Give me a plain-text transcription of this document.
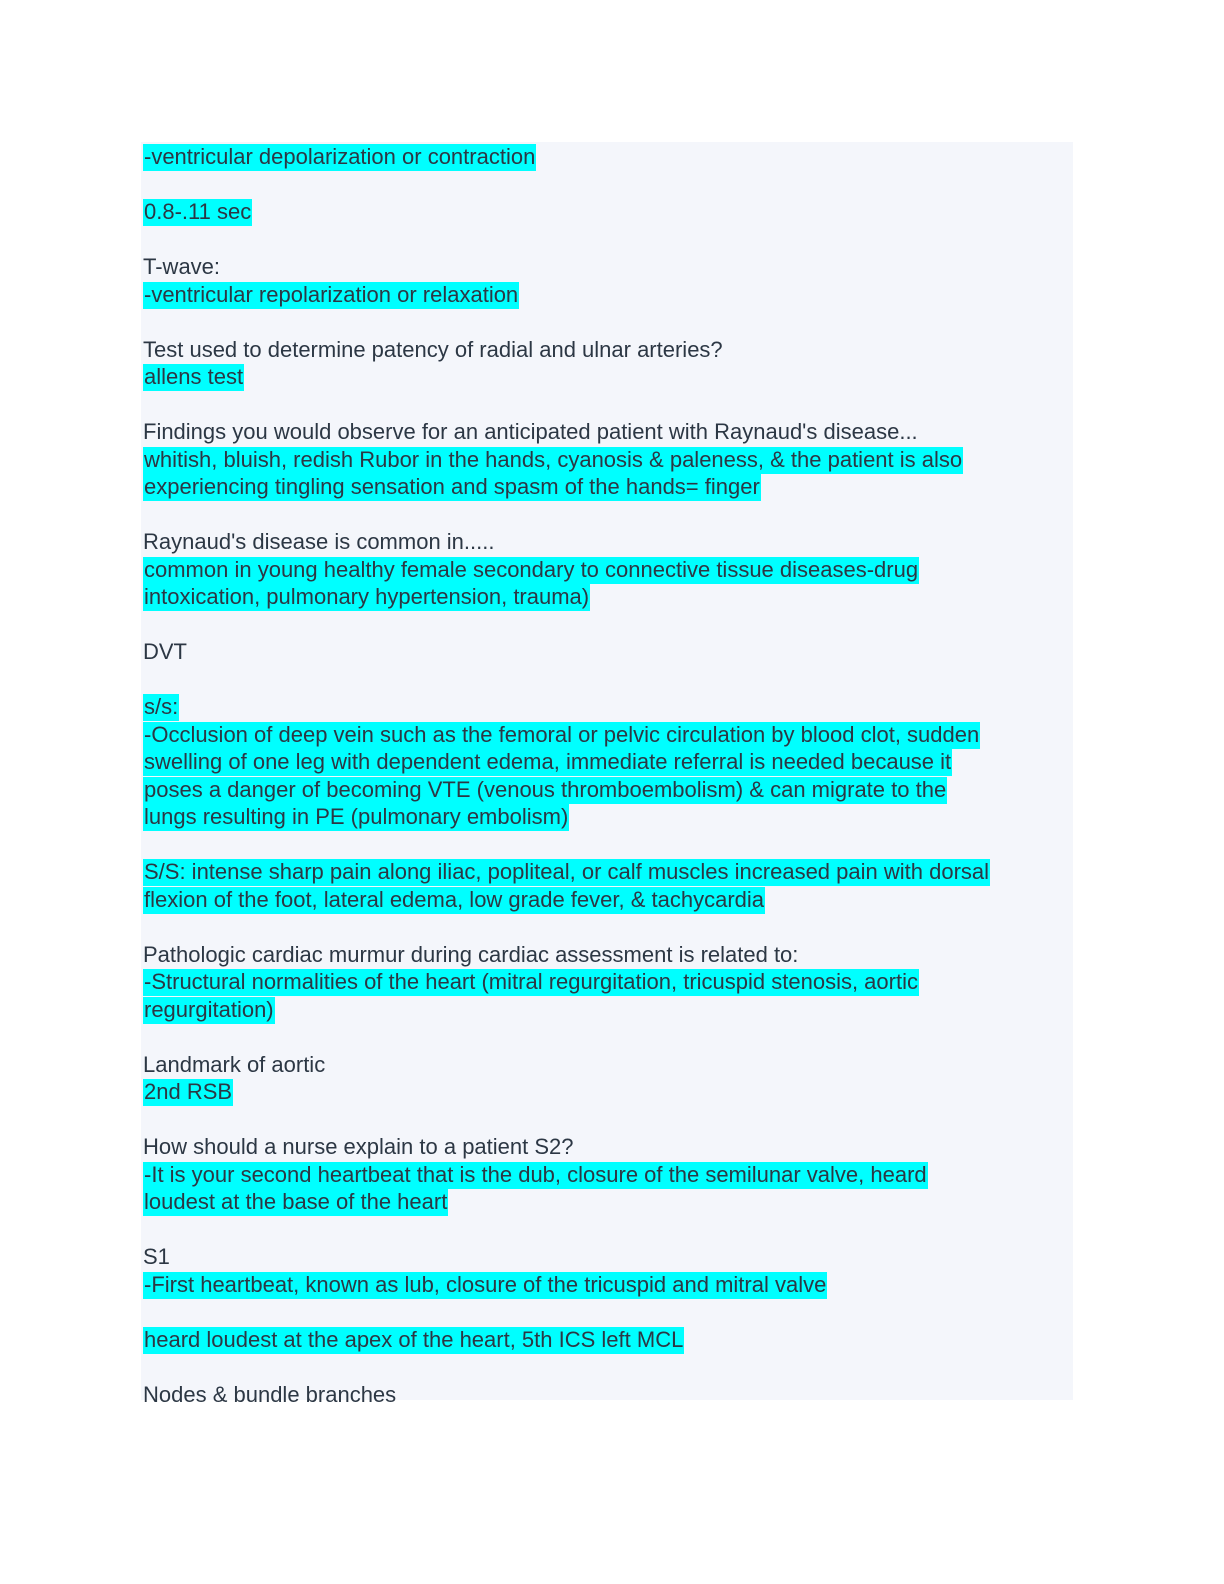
-ventricular depolarization or contraction
0.8-.11 sec
T-wave:
-ventricular repolarization or relaxation
Test used to determine patency of radial and ulnar arteries?
allens test
Findings you would observe for an anticipated patient with Raynaud's disease...
whitish, bluish, redish Rubor in the hands, cyanosis & paleness, & the patient is also
experiencing tingling sensation and spasm of the hands= finger
Raynaud's disease is common in.....
common in young healthy female secondary to connective tissue diseases-drug
intoxication, pulmonary hypertension, trauma)
DVT
s/s:
-Occlusion of deep vein such as the femoral or pelvic circulation by blood clot, sudden
swelling of one leg with dependent edema, immediate referral is needed because it
poses a danger of becoming VTE (venous thromboembolism) & can migrate to the
lungs resulting in PE (pulmonary embolism)
S/S: intense sharp pain along iliac, popliteal, or calf muscles increased pain with dorsal
flexion of the foot, lateral edema, low grade fever, & tachycardia
Pathologic cardiac murmur during cardiac assessment is related to:
-Structural normalities of the heart (mitral regurgitation, tricuspid stenosis, aortic
regurgitation)
Landmark of aortic
2nd RSB
How should a nurse explain to a patient S2?
-It is your second heartbeat that is the dub, closure of the semilunar valve, heard
loudest at the base of the heart
S1
-First heartbeat, known as lub, closure of the tricuspid and mitral valve
heard loudest at the apex of the heart, 5th ICS left MCL
Nodes & bundle branches
